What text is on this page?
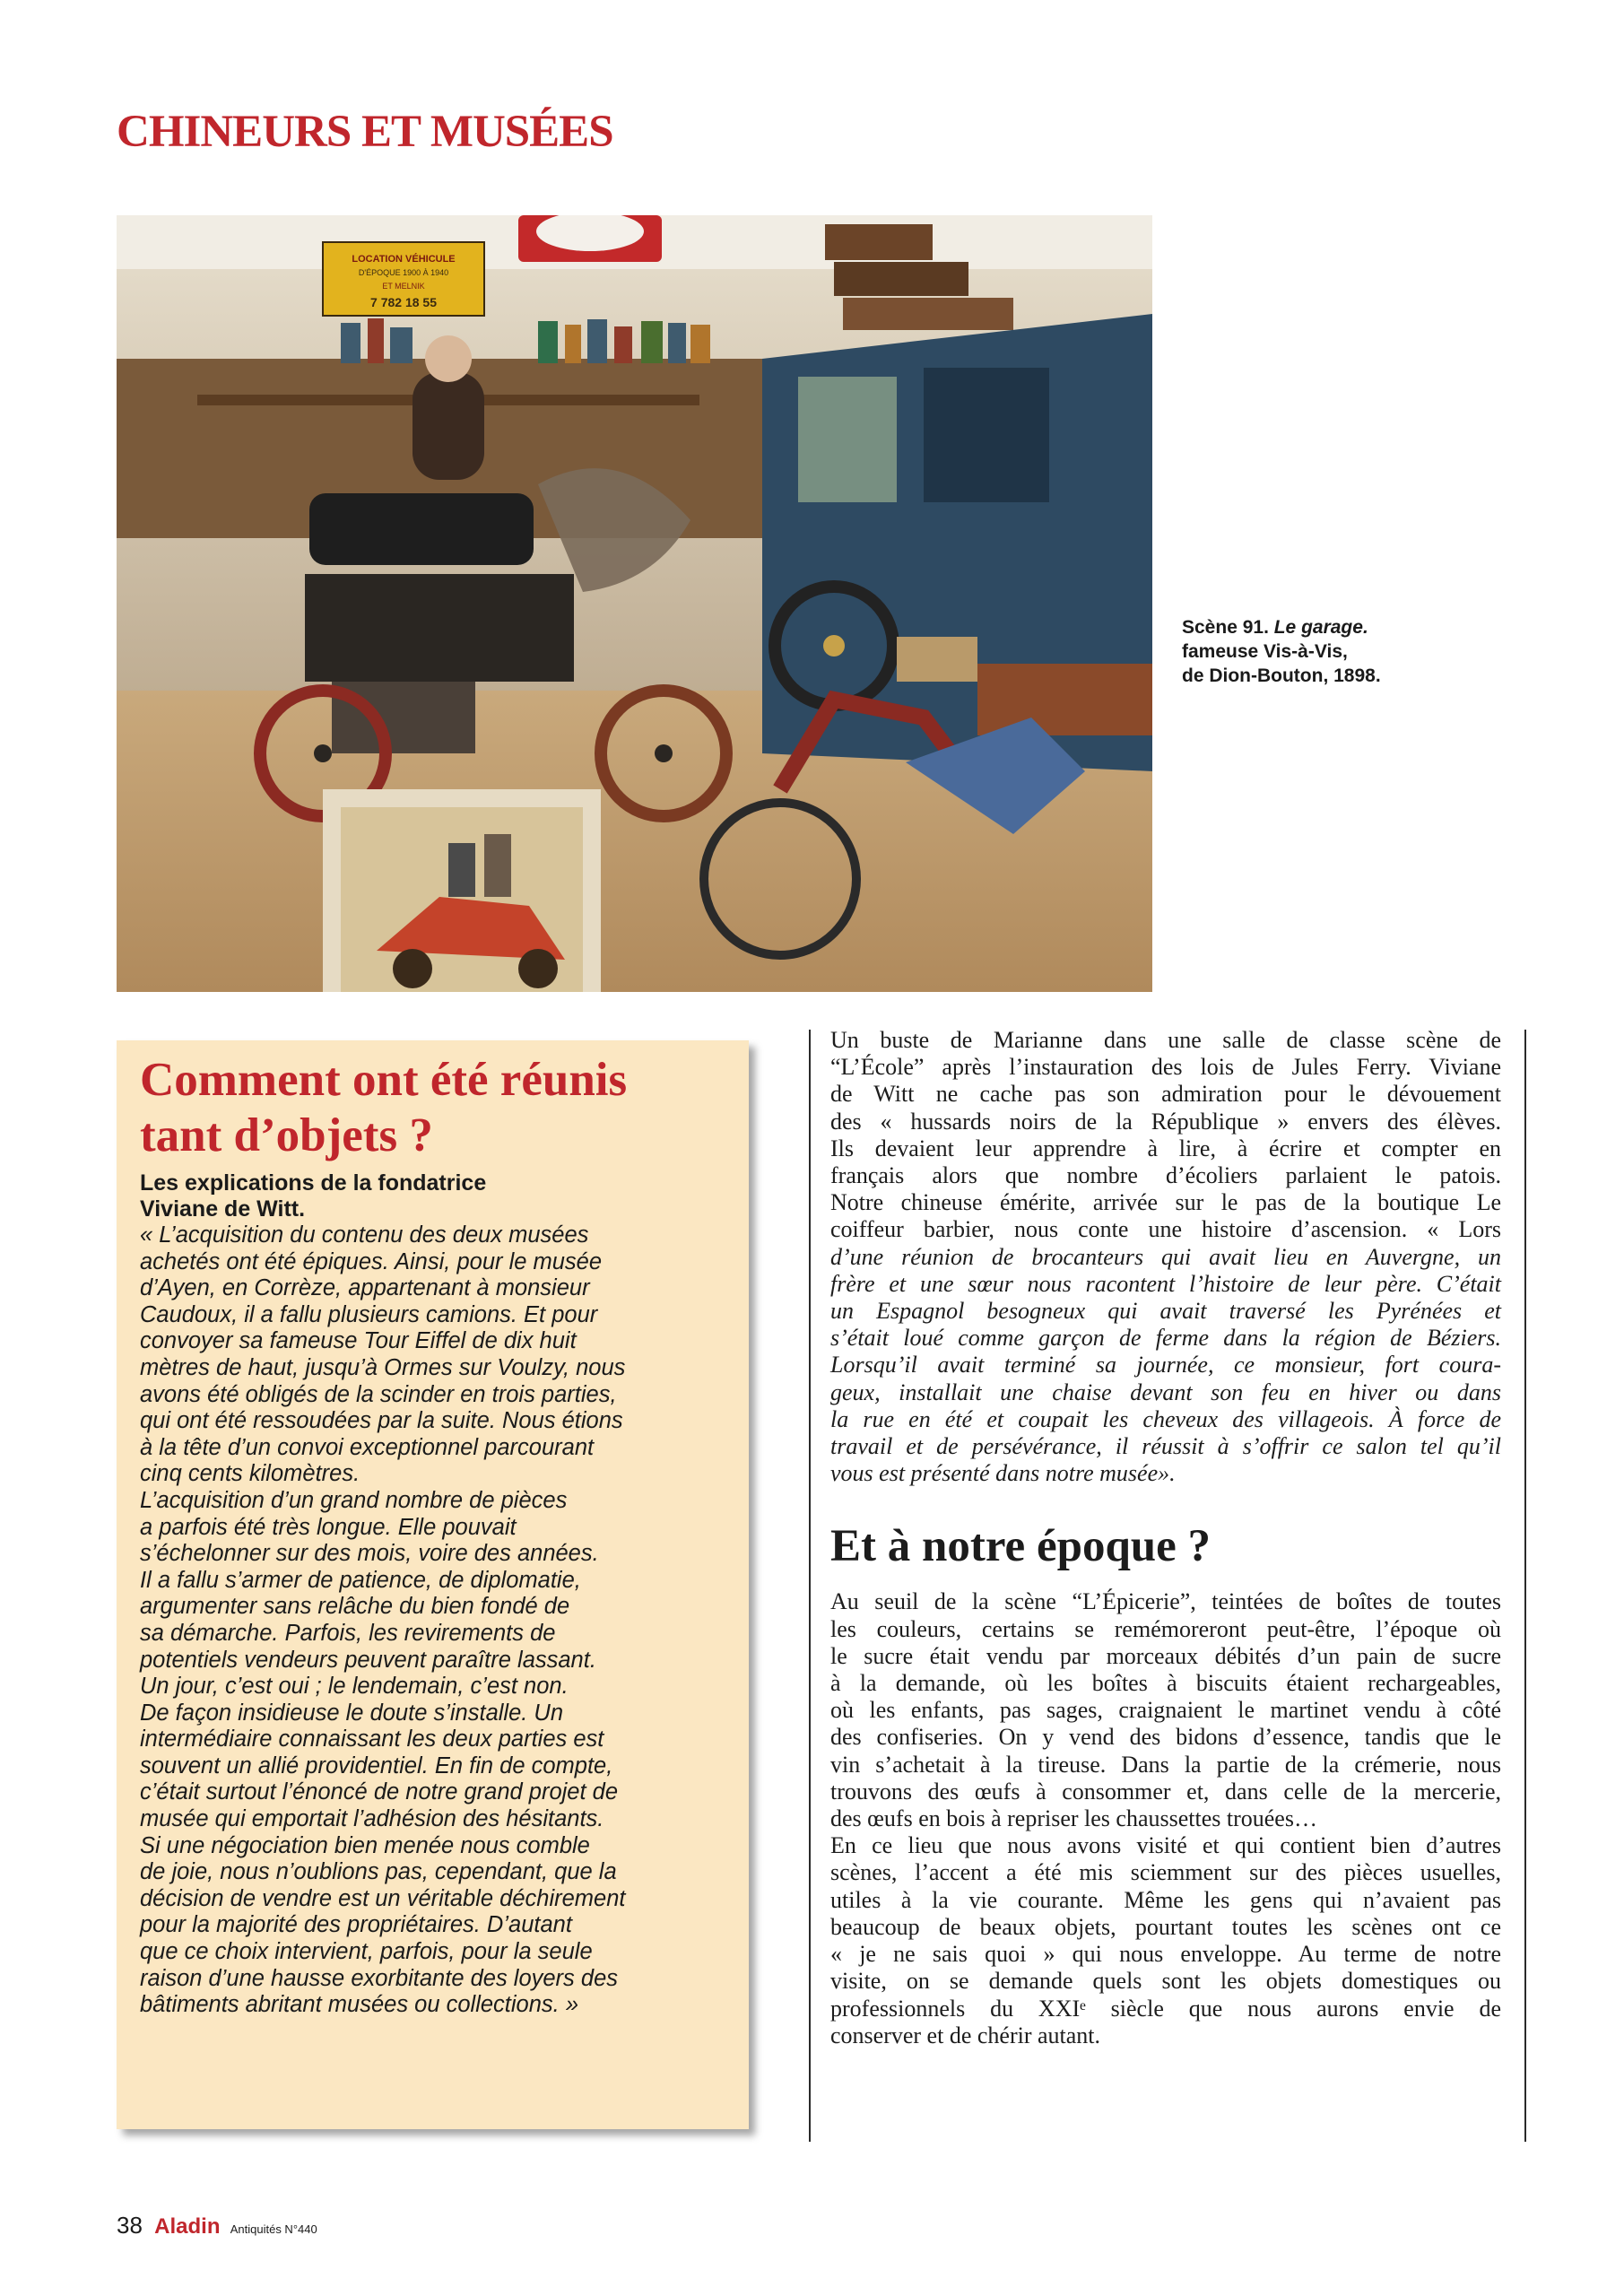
CHINEURS ET MUSÉES
LOCATION VÉHICULE
D'ÉPOQUE 1900 À 1940
ET MELNIK
7 782 18 55
Scène 91. Le garage.
fameuse Vis-à-Vis,
de Dion-Bouton, 1898.
Comment ont été réunis
tant d’objets ?

Les explications de la fondatrice
Viviane de Witt.

« L’acquisition du contenu des deux musées
achetés ont été épiques. Ainsi, pour le musée
d’Ayen, en Corrèze, appartenant à monsieur
Caudoux, il a fallu plusieurs camions. Et pour
convoyer sa fameuse Tour Eiffel de dix huit
mètres de haut, jusqu’à Ormes sur Voulzy, nous
avons été obligés de la scinder en trois parties,
qui ont été ressoudées par la suite. Nous étions
à la tête d’un convoi exceptionnel parcourant
cinq cents kilomètres.
L’acquisition d’un grand nombre de pièces
a parfois été très longue. Elle pouvait
s’échelonner sur des mois, voire des années.
Il a fallu s’armer de patience, de diplomatie,
argumenter sans relâche du bien fondé de
sa démarche. Parfois, les revirements de
potentiels vendeurs peuvent paraître lassant.
Un jour, c’est oui ; le lendemain, c’est non.
De façon insidieuse le doute s’installe. Un
intermédiaire connaissant les deux parties est
souvent un allié providentiel. En fin de compte,
c’était surtout l’énoncé de notre grand projet de
musée qui emportait l’adhésion des hésitants.
Si une négociation bien menée nous comble
de joie, nous n’oublions pas, cependant, que la
décision de vendre est un véritable déchirement
pour la majorité des propriétaires. D’autant
que ce choix intervient, parfois, pour la seule
raison d’une hausse exorbitante des loyers des
bâtiments abritant musées ou collections. »

Un buste de Marianne dans une salle de classe scène de
“L’École” après l’instauration des lois de Jules Ferry. Viviane
de Witt ne cache pas son admiration pour le dévouement
des « hussards noirs de la République » envers des élèves.
Ils devaient leur apprendre à lire, à écrire et compter en
français alors que nombre d’écoliers parlaient le patois.
Notre chineuse émérite, arrivée sur le pas de la boutique Le
coiffeur barbier, nous conte une histoire d’ascension. « Lors
d’une réunion de brocanteurs qui avait lieu en Auvergne, un
frère et une sœur nous racontent l’histoire de leur père. C’était
un Espagnol besogneux qui avait traversé les Pyrénées et
s’était loué comme garçon de ferme dans la région de Béziers.
Lorsqu’il avait terminé sa journée, ce monsieur, fort coura-
geux, installait une chaise devant son feu en hiver ou dans
la rue en été et coupait les cheveux des villageois. À force de
travail et de persévérance, il réussit à s’offrir ce salon tel qu’il
vous est présenté dans notre musée».
Et à notre époque ?
Au seuil de la scène “L’Épicerie”, teintées de boîtes de toutes
les couleurs, certains se remémoreront peut-être, l’époque où
le sucre était vendu par morceaux débités d’un pain de sucre
à la demande, où les boîtes à biscuits étaient rechargeables,
où les enfants, pas sages, craignaient le martinet vendu à côté
des confiseries. On y vend des bidons d’essence, tandis que le
vin s’achetait à la tireuse. Dans la partie de la crémerie, nous
trouvons des œufs à consommer et, dans celle de la mercerie,
des œufs en bois à repriser les chaussettes trouées…
En ce lieu que nous avons visité et qui contient bien d’autres
scènes, l’accent a été mis sciemment sur des pièces usuelles,
utiles à la vie courante. Même les gens qui n’avaient pas
beaucoup de beaux objets, pourtant toutes les scènes ont ce
« je ne sais quoi » qui nous enveloppe. Au terme de notre
visite, on se demande quels sont les objets domestiques ou
professionnels du XXIᵉ siècle que nous aurons envie de
conserver et de chérir autant.
38 Aladin Antiquités N°440
